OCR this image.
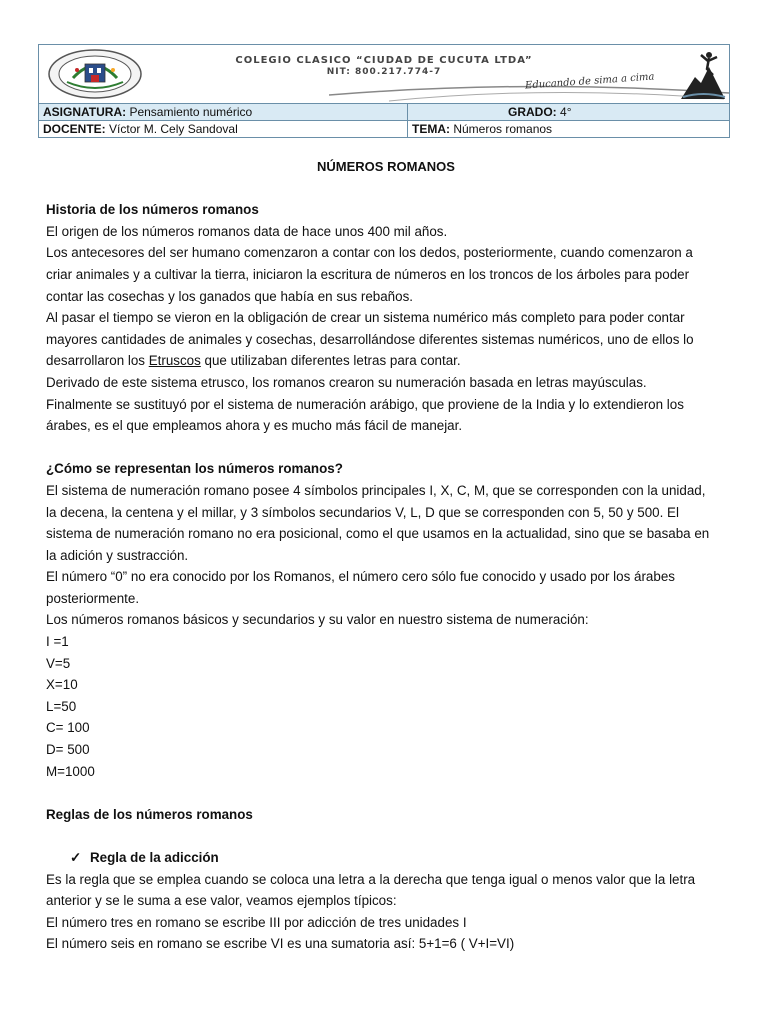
COLEGIO CLASICO “CIUDAD DE CUCUTA LTDA”
NIT: 800.217.774-7 Educando de sima a cima	

ASIGNATURA: Pensamiento numérico	GRADO: 4°
DOCENTE: Víctor M. Cely Sandoval	TEMA: Números romanos

NÚMEROS ROMANOS

Historia de los números romanos

El origen de los números romanos data de hace unos 400 mil años.

Los antecesores del ser humano comenzaron a contar con los dedos, posteriormente, cuando comenzaron a

criar animales y a cultivar la tierra, iniciaron la escritura de números en los troncos de los árboles para poder

contar las cosechas y los ganados que había en sus rebaños.

Al pasar el tiempo se vieron en la obligación de crear un sistema numérico más completo para poder contar

mayores cantidades de animales y cosechas, desarrollándose diferentes sistemas numéricos, uno de ellos lo

desarrollaron los Etruscos que utilizaban diferentes letras para contar.

Derivado de este sistema etrusco, los romanos crearon su numeración basada en letras mayúsculas.

Finalmente se sustituyó por el sistema de numeración arábigo, que proviene de la India y lo extendieron los

árabes, es el que empleamos ahora y es mucho más fácil de manejar.

¿Cómo se representan los números romanos?

El sistema de numeración romano posee 4 símbolos principales I, X, C, M, que se corresponden con la unidad,

la decena, la centena y el millar, y 3 símbolos secundarios V, L, D que se corresponden con 5, 50 y 500. El

sistema de numeración romano no era posicional, como el que usamos en la actualidad, sino que se basaba en

la adición y sustracción.

El número “0” no era conocido por los Romanos, el número cero sólo fue conocido y usado por los árabes

posteriormente.

Los números romanos básicos y secundarios y su valor en nuestro sistema de numeración:

I =1

V=5

X=10

L=50

C= 100

D= 500

M=1000

Reglas de los números romanos

✓ Regla de la adicción

Es la regla que se emplea cuando se coloca una letra a la derecha que tenga igual o menos valor que la letra

anterior y se le suma a ese valor, veamos ejemplos típicos:

El número tres en romano se escribe III por adicción de tres unidades I

El número seis en romano se escribe VI es una sumatoria así: 5+1=6 ( V+I=VI)
